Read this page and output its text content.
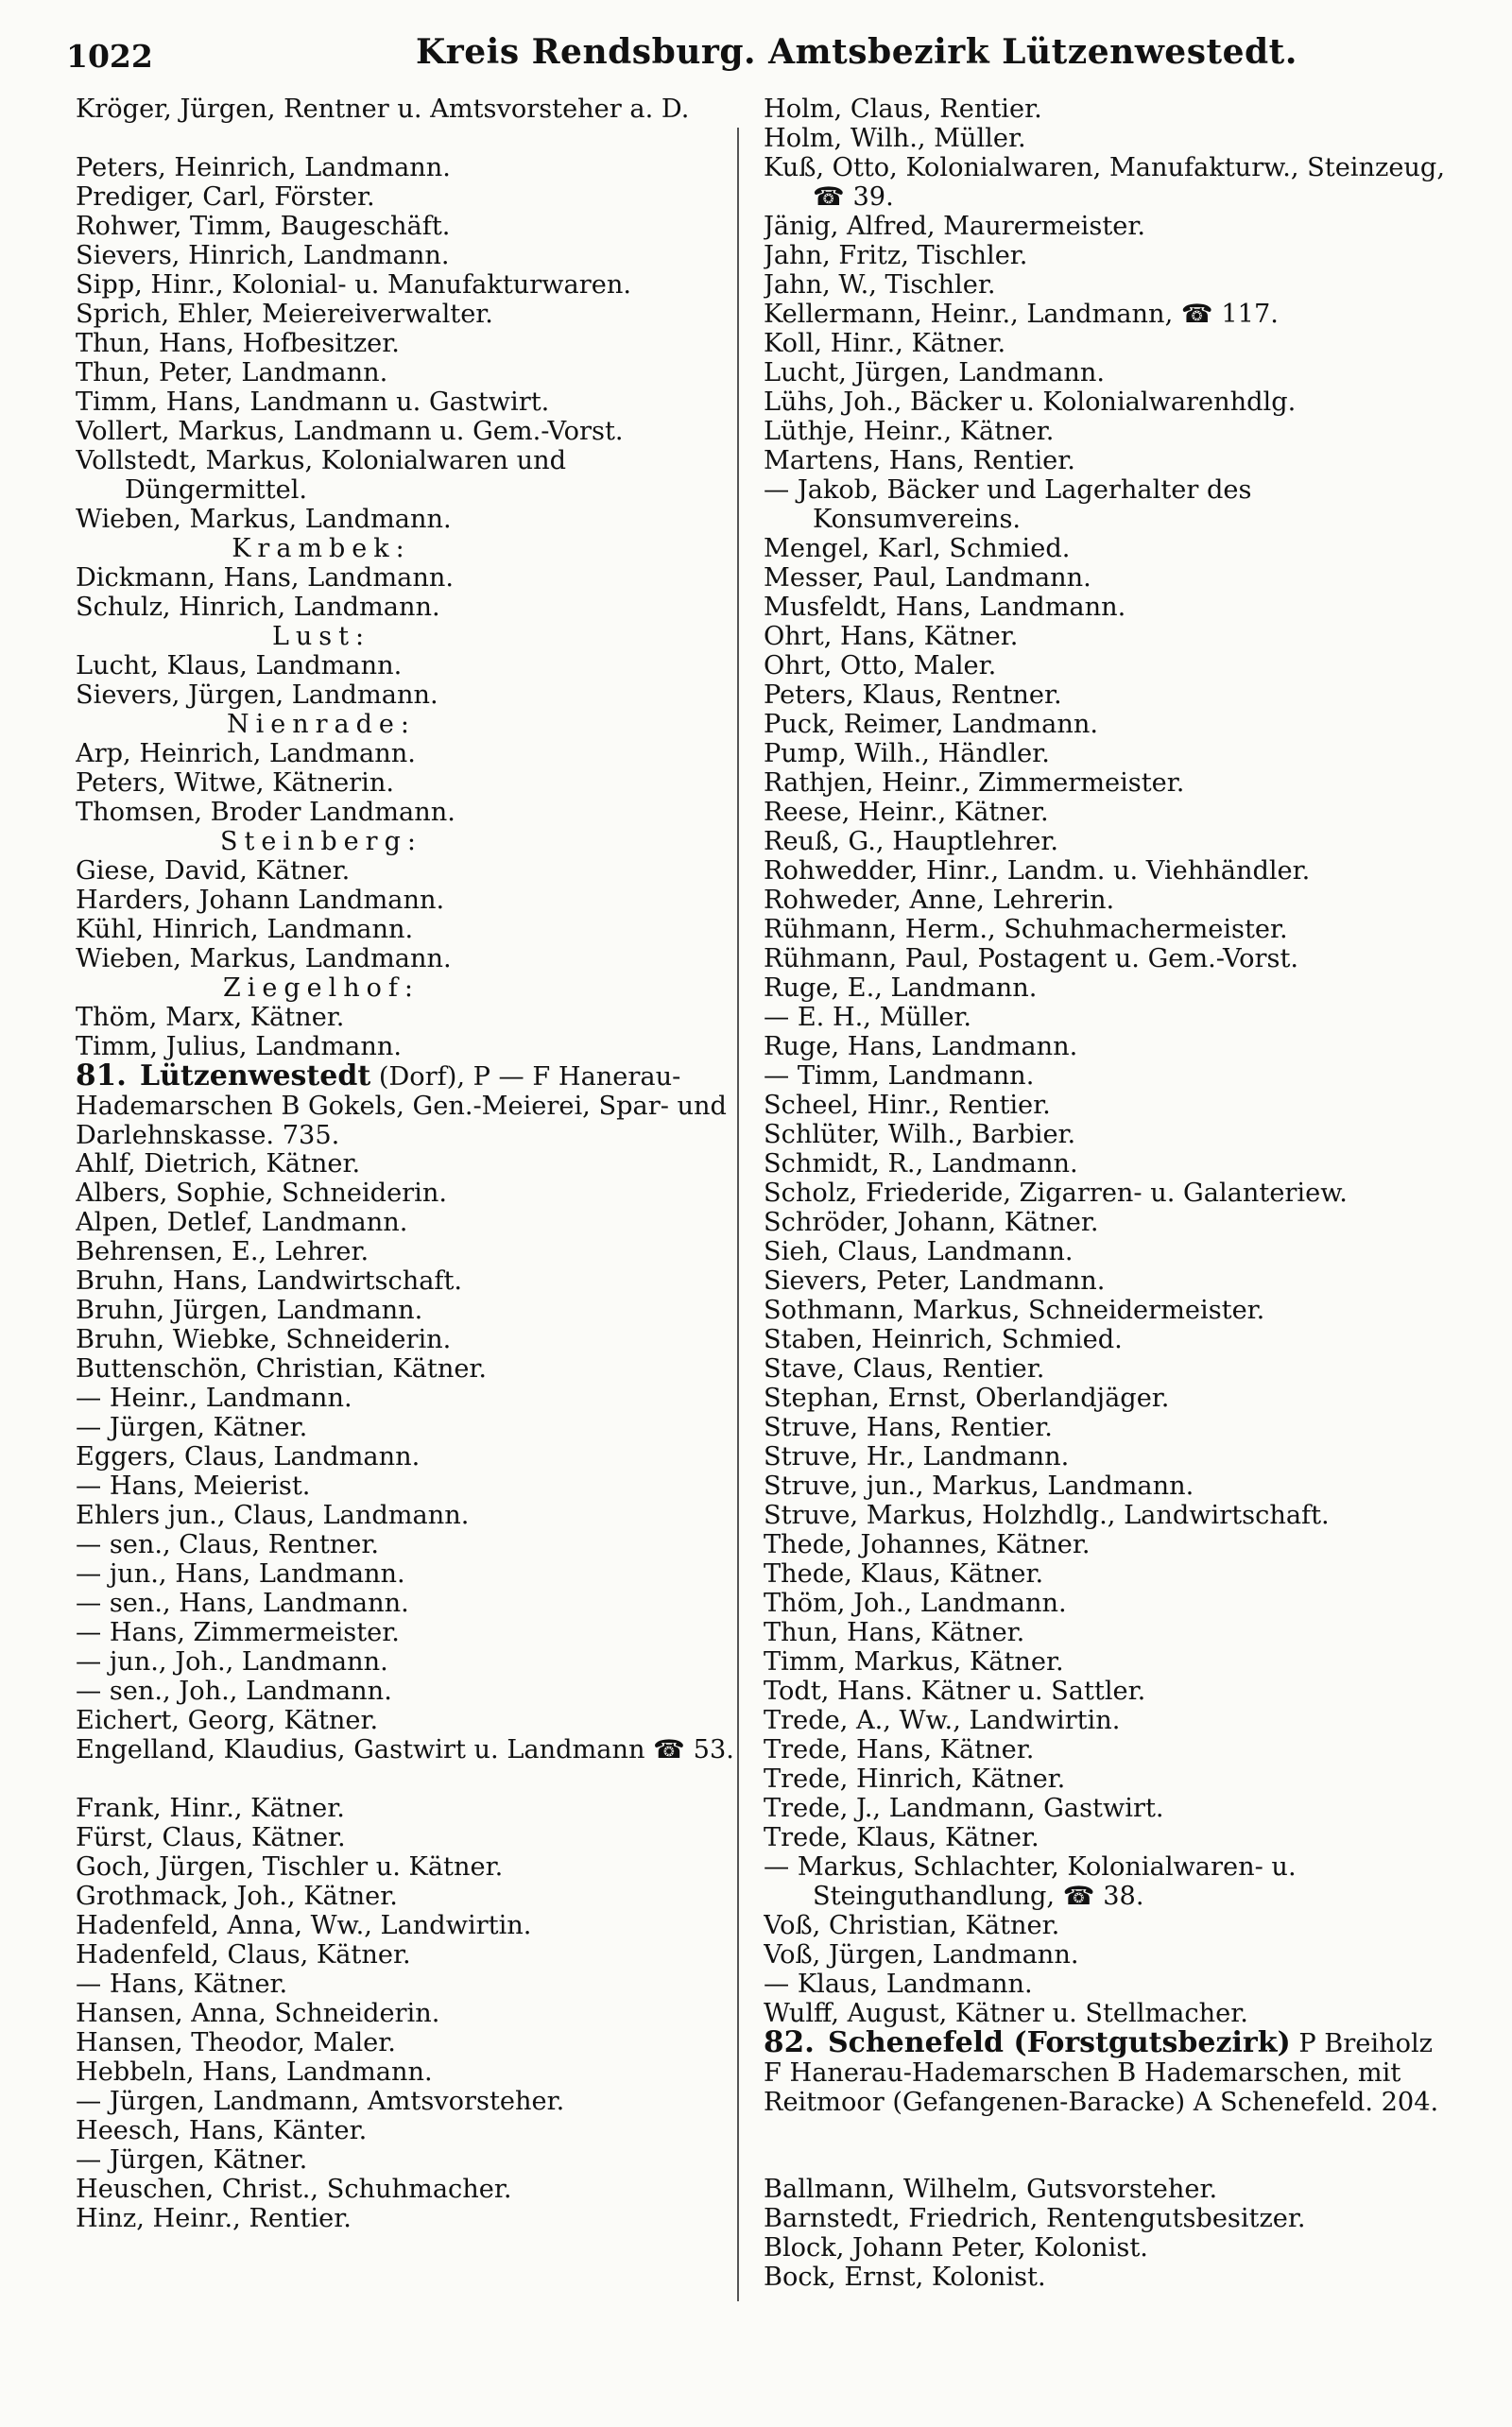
1022	Kreis Rendsburg. Amtsbezirk Lützenwestedt.
Kröger, Jürgen, Rentner u. Amtsvorsteher a. D.
Peters, Heinrich, Landmann.
Prediger, Carl, Förster.
Rohwer, Timm, Baugeschäft.
Sievers, Hinrich, Landmann.
Sipp, Hinr., Kolonial- u. Manufakturwaren.
Sprich, Ehler, Meiereiverwalter.
Thun, Hans, Hofbesitzer.
Thun, Peter, Landmann.
Timm, Hans, Landmann u. Gastwirt.
Vollert, Markus, Landmann u. Gem.-Vorst.
Vollstedt, Markus, Kolonialwaren und Düngermittel.
Wieben, Markus, Landmann.
Krambek:
Dickmann, Hans, Landmann.
Schulz, Hinrich, Landmann.
Lust:
Lucht, Klaus, Landmann.
Sievers, Jürgen, Landmann.
Nienrade:
Arp, Heinrich, Landmann.
Peters, Witwe, Kätnerin.
Thomsen, Broder Landmann.
Steinberg:
Giese, David, Kätner.
Harders, Johann Landmann.
Kühl, Hinrich, Landmann.
Wieben, Markus, Landmann.
Ziegelhof:
Thöm, Marx, Kätner.
Timm, Julius, Landmann.
81. Lützenwestedt (Dorf), P — F Hanerau-Hademarschen B Gokels, Gen.-Meierei, Spar- und Darlehnskasse. 735.
Ahlf, Dietrich, Kätner.
Albers, Sophie, Schneiderin.
Alpen, Detlef, Landmann.
Behrensen, E., Lehrer.
Bruhn, Hans, Landwirtschaft.
Bruhn, Jürgen, Landmann.
Bruhn, Wiebke, Schneiderin.
Buttenschön, Christian, Kätner.
— Heinr., Landmann.
— Jürgen, Kätner.
Eggers, Claus, Landmann.
— Hans, Meierist.
Ehlers jun., Claus, Landmann.
— sen., Claus, Rentner.
— jun., Hans, Landmann.
— sen., Hans, Landmann.
— Hans, Zimmermeister.
— jun., Joh., Landmann.
— sen., Joh., Landmann.
Eichert, Georg, Kätner.
Engelland, Klaudius, Gastwirt u. Landmann ☎ 53.
Frank, Hinr., Kätner.
Fürst, Claus, Kätner.
Goch, Jürgen, Tischler u. Kätner.
Grothmack, Joh., Kätner.
Hadenfeld, Anna, Ww., Landwirtin.
Hadenfeld, Claus, Kätner.
— Hans, Kätner.
Hansen, Anna, Schneiderin.
Hansen, Theodor, Maler.
Hebbeln, Hans, Landmann.
— Jürgen, Landmann, Amtsvorsteher.
Heesch, Hans, Känter.
— Jürgen, Kätner.
Heuschen, Christ., Schuhmacher.
Hinz, Heinr., Rentier.
Holm, Claus, Rentier.
Holm, Wilh., Müller.
Kuß, Otto, Kolonialwaren, Manufakturw., Steinzeug, ☎ 39.
Jänig, Alfred, Maurermeister.
Jahn, Fritz, Tischler.
Jahn, W., Tischler.
Kellermann, Heinr., Landmann, ☎ 117.
Koll, Hinr., Kätner.
Lucht, Jürgen, Landmann.
Lühs, Joh., Bäcker u. Kolonialwarenhdlg.
Lüthje, Heinr., Kätner.
Martens, Hans, Rentier.
— Jakob, Bäcker und Lagerhalter des Konsumvereins.
Mengel, Karl, Schmied.
Messer, Paul, Landmann.
Musfeldt, Hans, Landmann.
Ohrt, Hans, Kätner.
Ohrt, Otto, Maler.
Peters, Klaus, Rentner.
Puck, Reimer, Landmann.
Pump, Wilh., Händler.
Rathjen, Heinr., Zimmermeister.
Reese, Heinr., Kätner.
Reuß, G., Hauptlehrer.
Rohwedder, Hinr., Landm. u. Viehhändler.
Rohweder, Anne, Lehrerin.
Rühmann, Herm., Schuhmachermeister.
Rühmann, Paul, Postagent u. Gem.-Vorst.
Ruge, E., Landmann.
— E. H., Müller.
Ruge, Hans, Landmann.
— Timm, Landmann.
Scheel, Hinr., Rentier.
Schlüter, Wilh., Barbier.
Schmidt, R., Landmann.
Scholz, Friederide, Zigarren- u. Galanteriew.
Schröder, Johann, Kätner.
Sieh, Claus, Landmann.
Sievers, Peter, Landmann.
Sothmann, Markus, Schneidermeister.
Staben, Heinrich, Schmied.
Stave, Claus, Rentier.
Stephan, Ernst, Oberlandjäger.
Struve, Hans, Rentier.
Struve, Hr., Landmann.
Struve, jun., Markus, Landmann.
Struve, Markus, Holzhdlg., Landwirtschaft.
Thede, Johannes, Kätner.
Thede, Klaus, Kätner.
Thöm, Joh., Landmann.
Thun, Hans, Kätner.
Timm, Markus, Kätner.
Todt, Hans. Kätner u. Sattler.
Trede, A., Ww., Landwirtin.
Trede, Hans, Kätner.
Trede, Hinrich, Kätner.
Trede, J., Landmann, Gastwirt.
Trede, Klaus, Kätner.
— Markus, Schlachter, Kolonialwaren- u. Steinguthandlung, ☎ 38.
Voß, Christian, Kätner.
Voß, Jürgen, Landmann.
— Klaus, Landmann.
Wulff, August, Kätner u. Stellmacher.
82. Schenefeld (Forstgutsbezirk) P Breiholz F Hanerau-Hademarschen B Hademarschen, mit Reitmoor (Gefangenen-Baracke) A Schenefeld. 204.
Ballmann, Wilhelm, Gutsvorsteher.
Barnstedt, Friedrich, Rentengutsbesitzer.
Block, Johann Peter, Kolonist.
Bock, Ernst, Kolonist.
